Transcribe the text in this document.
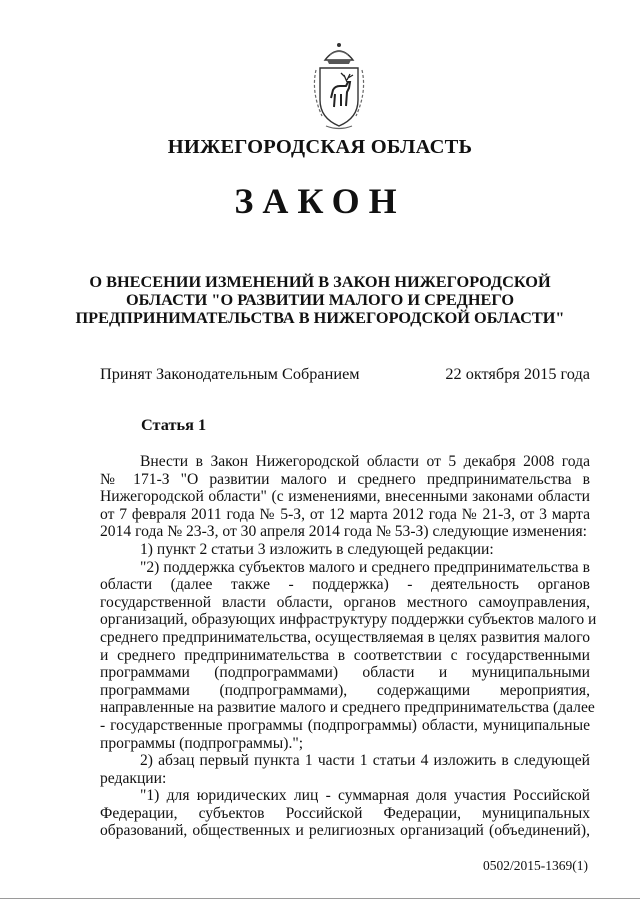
НИЖЕГОРОДСКАЯ ОБЛАСТЬ
ЗАКОН
О ВНЕСЕНИИ ИЗМЕНЕНИЙ В ЗАКОН НИЖЕГОРОДСКОЙ
ОБЛАСТИ "О РАЗВИТИИ МАЛОГО И СРЕДНЕГО
ПРЕДПРИНИМАТЕЛЬСТВА В НИЖЕГОРОДСКОЙ ОБЛАСТИ"
Принят Законодательным Собранием	22 октября 2015 года
Статья 1
Внести в Закон Нижегородской области от 5 декабря 2008 года
№ 171-З "О развитии малого и среднего предпринимательства в
Нижегородской области" (с изменениями, внесенными законами области
от 7 февраля 2011 года № 5-З, от 12 марта 2012 года № 21-З, от 3 марта
2014 года № 23-З, от 30 апреля 2014 года № 53-З) следующие изменения:
1) пункт 2 статьи 3 изложить в следующей редакции:
"2) поддержка субъектов малого и среднего предпринимательства в
области (далее также - поддержка) - деятельность органов
государственной власти области, органов местного самоуправления,
организаций, образующих инфраструктуру поддержки субъектов малого и
среднего предпринимательства, осуществляемая в целях развития малого
и среднего предпринимательства в соответствии с государственными
программами (подпрограммами) области и муниципальными
программами (подпрограммами), содержащими мероприятия,
направленные на развитие малого и среднего предпринимательства (далее
- государственные программы (подпрограммы) области, муниципальные
программы (подпрограммы).";
2) абзац первый пункта 1 части 1 статьи 4 изложить в следующей
редакции:
"1) для юридических лиц - суммарная доля участия Российской
Федерации, субъектов Российской Федерации, муниципальных
образований, общественных и религиозных организаций (объединений),
0502/2015-1369(1)
